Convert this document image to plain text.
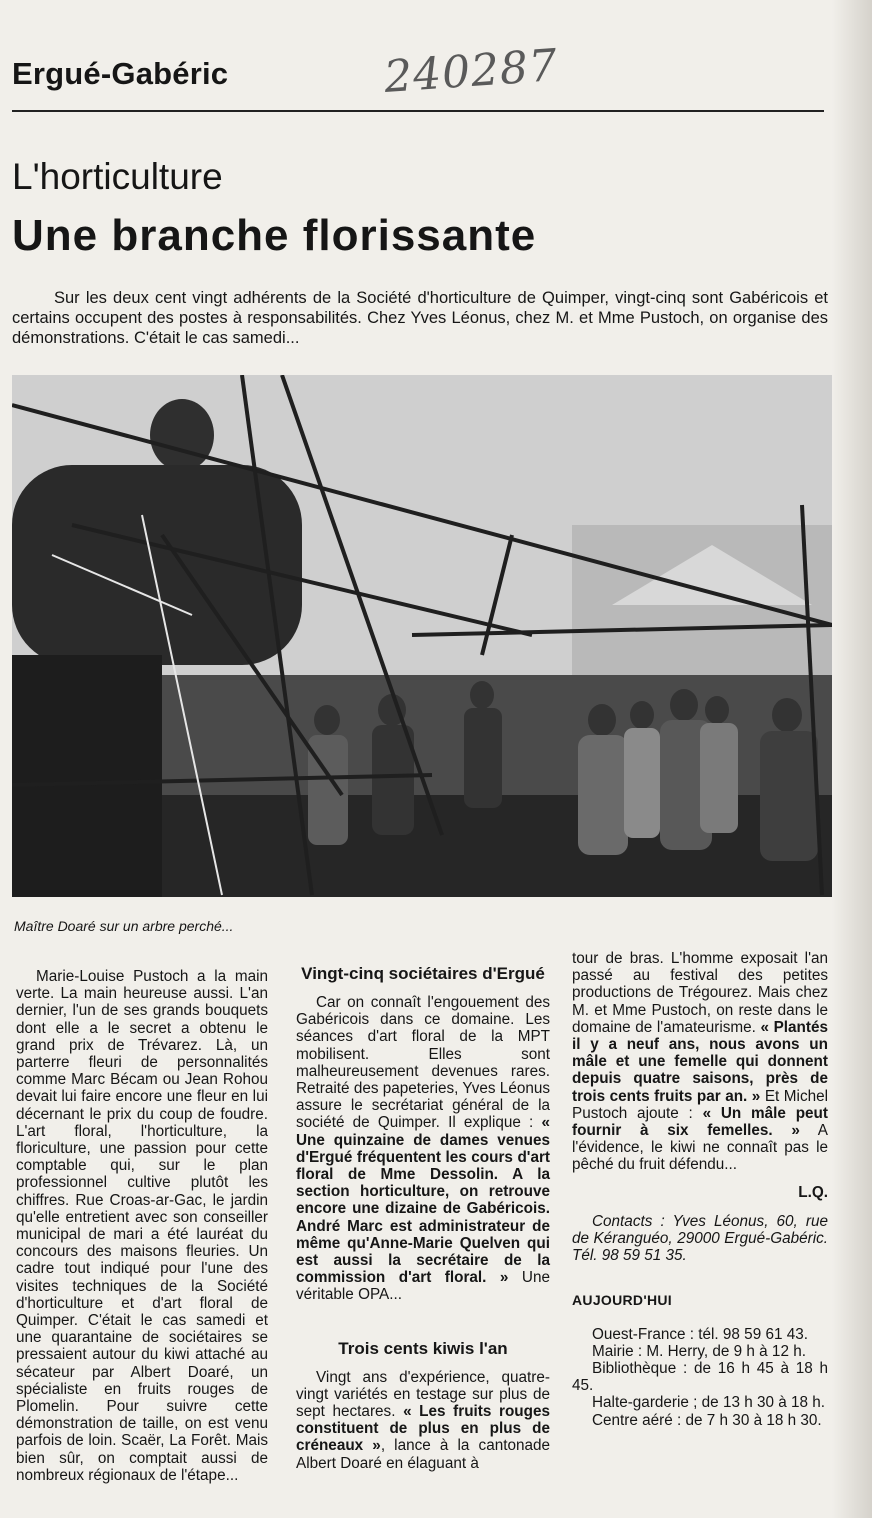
Ergué-Gabéric	240287
L'horticulture
Une branche florissante
Sur les deux cent vingt adhérents de la Société d'horticulture de Quimper, vingt-cinq sont Gabéricois et certains occupent des postes à responsabilités. Chez Yves Léonus, chez M. et Mme Pustoch, on organise des démonstrations. C'était le cas samedi...
Maître Doaré sur un arbre perché...

Marie-Louise Pustoch a la main verte. La main heureuse aussi. L'an dernier, l'un de ses grands bouquets dont elle a le secret a obtenu le grand prix de Trévarez. Là, un parterre fleuri de personnalités comme Marc Bécam ou Jean Rohou devait lui faire encore une fleur en lui décernant le prix du coup de foudre. L'art floral, l'horticulture, la floriculture, une passion pour cette comptable qui, sur le plan professionnel cultive plutôt les chiffres. Rue Croas-ar-Gac, le jardin qu'elle entretient avec son conseiller municipal de mari a été lauréat du concours des maisons fleuries. Un cadre tout indiqué pour l'une des visites techniques de la Société d'horticulture et d'art floral de Quimper. C'était le cas samedi et une quarantaine de sociétaires se pressaient autour du kiwi attaché au sécateur par Albert Doaré, un spécialiste en fruits rouges de Plomelin. Pour suivre cette démonstration de taille, on est venu parfois de loin. Scaër, La Forêt. Mais bien sûr, on comptait aussi de nombreux régionaux de l'étape...

Vingt-cinq sociétaires d'Ergué

Car on connaît l'engouement des Gabéricois dans ce domaine. Les séances d'art floral de la MPT mobilisent. Elles sont malheureusement devenues rares. Retraité des papeteries, Yves Léonus assure le secrétariat général de la société de Quimper. Il explique : « Une quinzaine de dames venues d'Ergué fréquentent les cours d'art floral de Mme Dessolin. A la section horticulture, on retrouve encore une dizaine de Gabéricois. André Marc est administrateur de même qu'Anne-Marie Quelven qui est aussi la secrétaire de la commission d'art floral. » Une véritable OPA...

Trois cents kiwis l'an

Vingt ans d'expérience, quatre-vingt variétés en testage sur plus de sept hectares. « Les fruits rouges constituent de plus en plus de créneaux », lance à la cantonade Albert Doaré en élaguant à

tour de bras. L'homme exposait l'an passé au festival des petites productions de Trégourez. Mais chez M. et Mme Pustoch, on reste dans le domaine de l'amateurisme. « Plantés il y a neuf ans, nous avons un mâle et une femelle qui donnent depuis quatre saisons, près de trois cents fruits par an. » Et Michel Pustoch ajoute : « Un mâle peut fournir à six femelles. » A l'évidence, le kiwi ne connaît pas le pêché du fruit défendu...

L.Q.

Contacts : Yves Léonus, 60, rue de Kéranguéo, 29000 Ergué-Gabéric. Tél. 98 59 51 35.

AUJOURD'HUI

Ouest-France : tél. 98 59 61 43.

Mairie : M. Herry, de 9 h à 12 h.

Bibliothèque : de 16 h 45 à 18 h 45.

Halte-garderie ; de 13 h 30 à 18 h.

Centre aéré : de 7 h 30 à 18 h 30.
